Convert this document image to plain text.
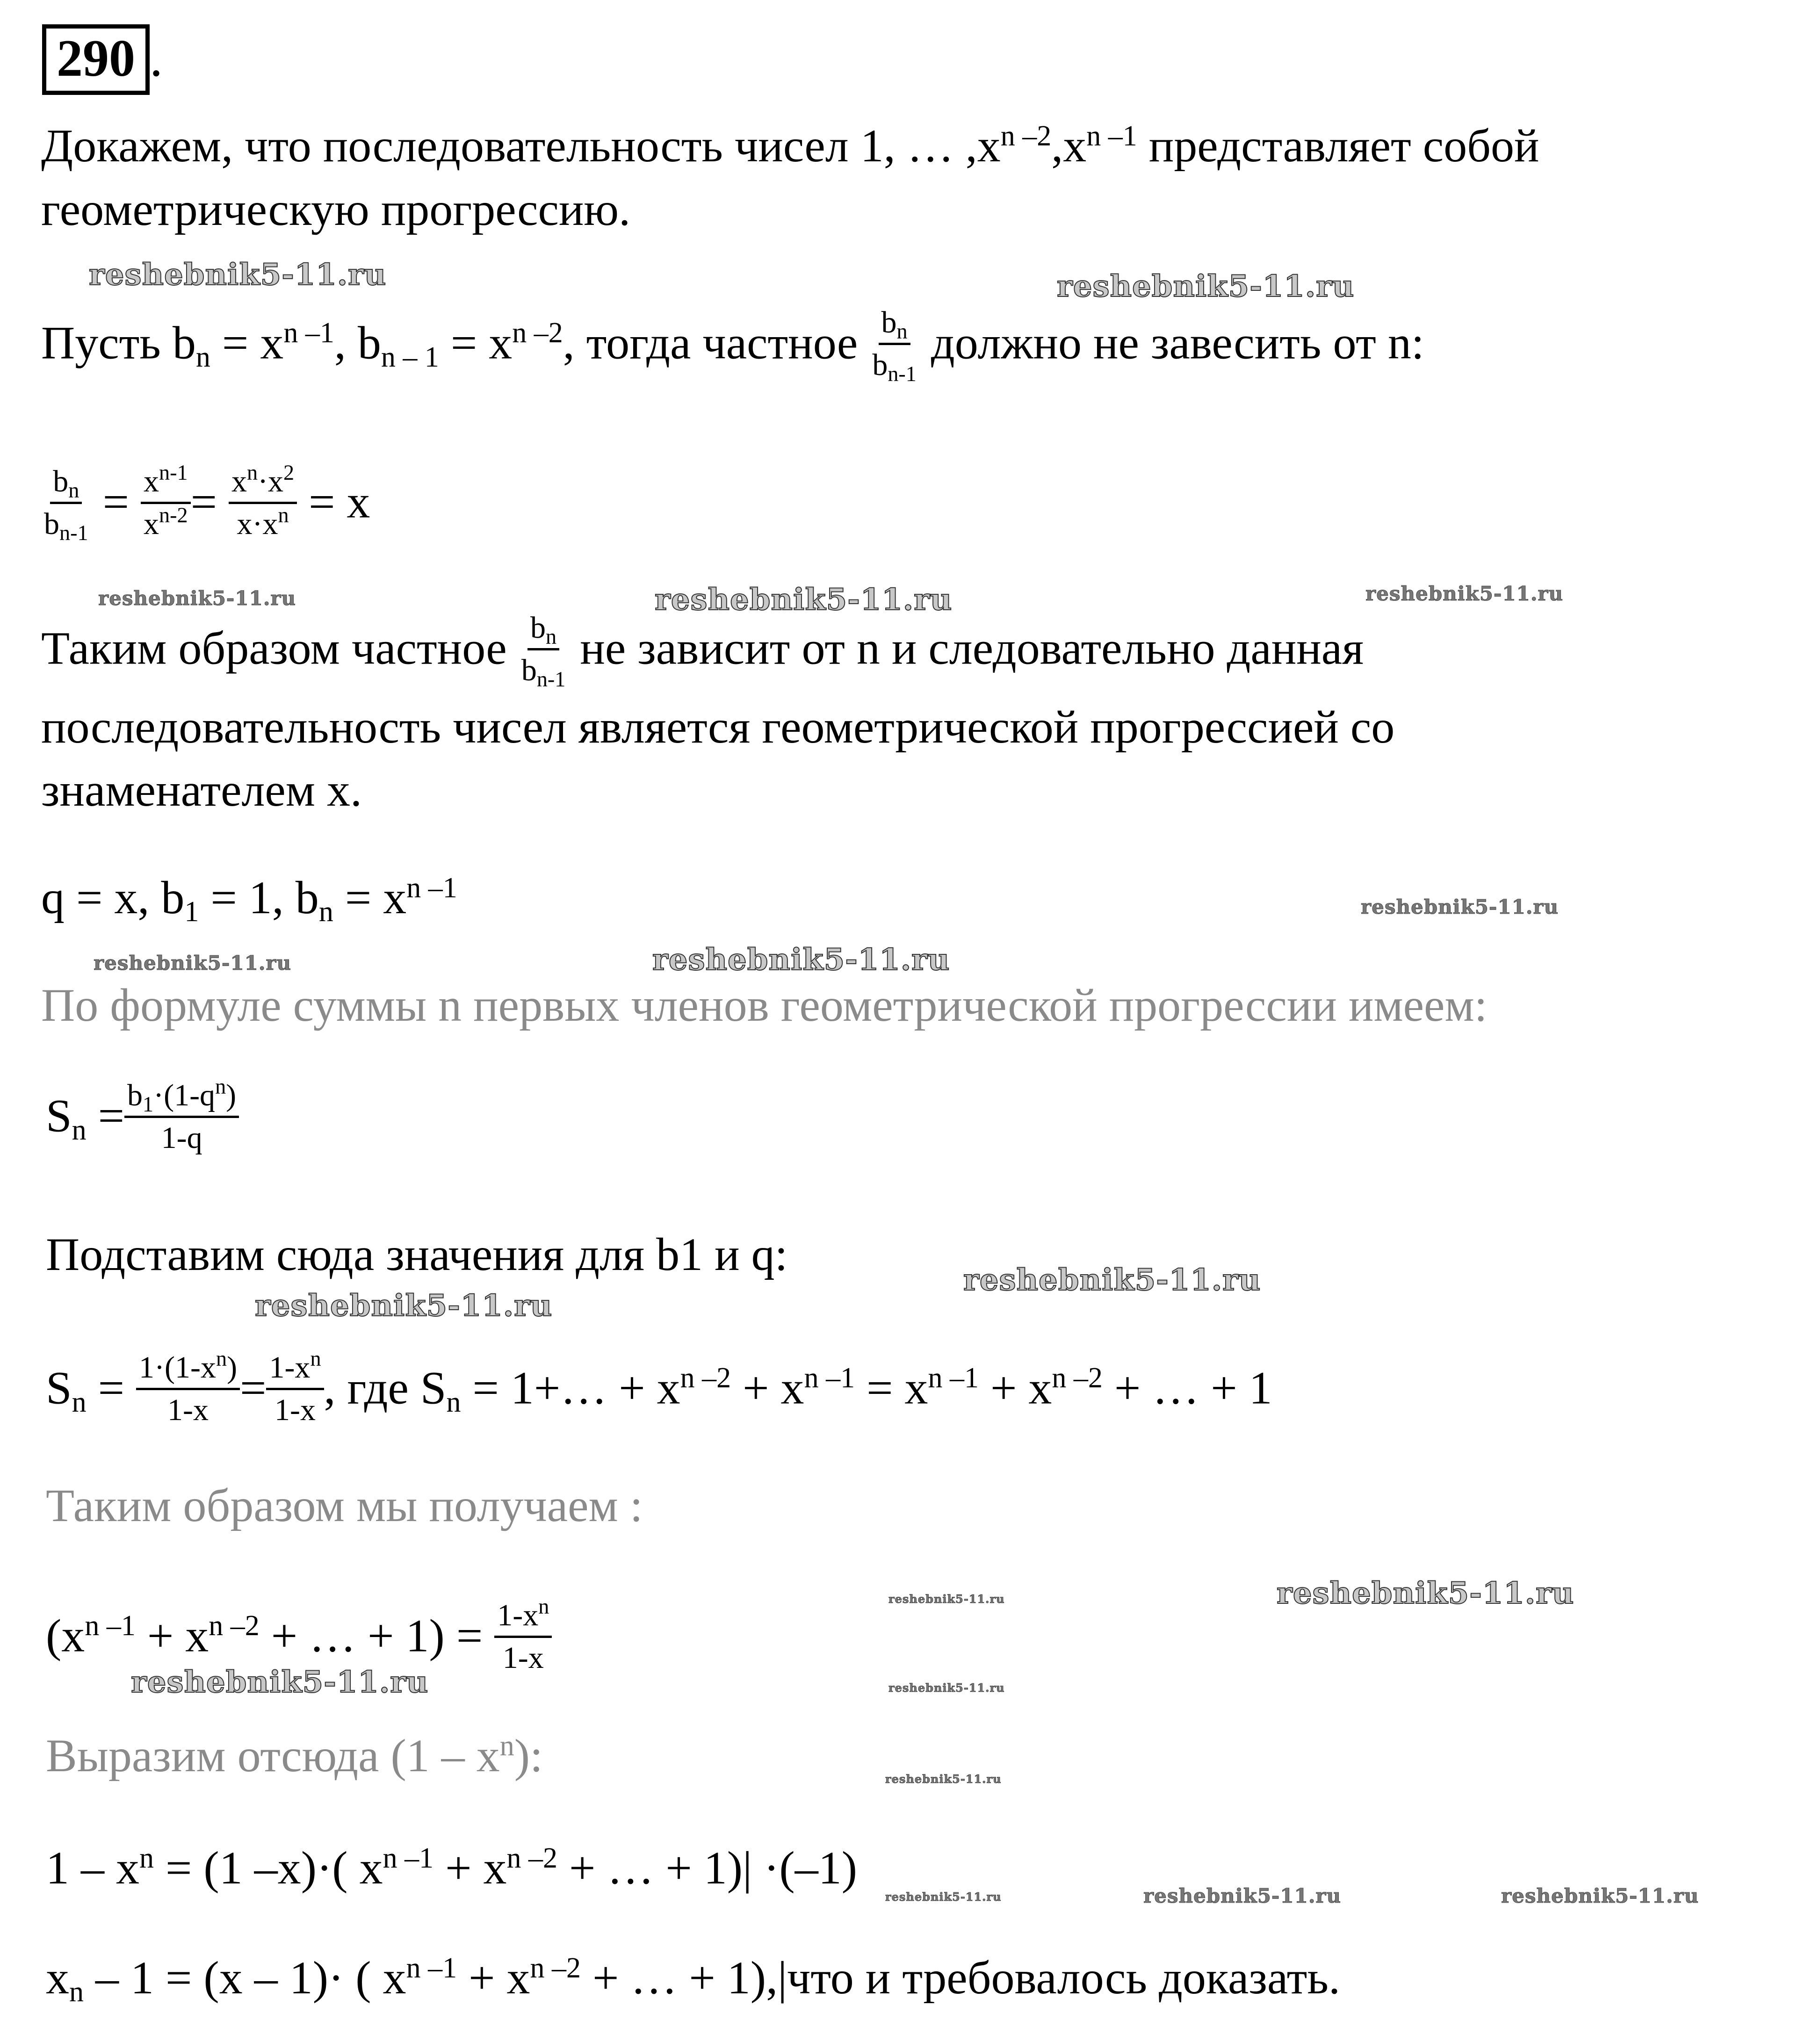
290 .
Докажем, что последовательность чисел 1, … $,x^{n -2},x^{n -1}$ представляет собой
геометрическую прогрессию.
Пусть $b_n = x^{n -1}$, $b_{n - 1} = x^{n -2}$, тогда частное $\frac{b_n}{b_{n-1}}$ должно не завесить от n:
$\frac{b_n}{b_{n-1}} = \frac{x^{n-1}}{x^{n-2}} = \frac{x^n\cdot x^2}{x\cdot x^n} = x$
Таким образом частное $\frac{b_n}{b_{n-1}}$ не зависит от n и следовательно данная
последовательность чисел является геометрической прогрессией со
знаменателем x.
q = x, $b_1 = 1$, $b_n = x^{n -1}$
По формуле суммы n первых членов геометрической прогрессии имеем:
$S_n = \frac{b_1\cdot(1-q^n)}{1-q}$
Подставим сюда значения для b1 и q:
$S_n = \frac{1\cdot(1-x^n)}{1-x} = \frac{1-x^n}{1-x}$ , где $S_n$ = 1+… + $x^{n -2} + x^{n -1} = x^{n -1} + x^{n -2}$ + … + 1
Таким образом мы получаем :
($x^{n -1} + x^{n -2}$ + … + $1) = \frac{1-x^n}{1-x}$
Выразим отсюда $(1 - x^n)$:
$1 - x^n = (1$ –x)·( $x^{n -1} + x^{n -2}$ + … + 1)| ·(–1)
$x_n - 1 = (x - 1)\cdot$ ( $x^{n -1} + x^{n -2}$ + … + 1),|что и требовалось доказать.
reshebnik5-11.ru	reshebnik5-11.ru
reshebnik5-11.ru	reshebnik5-11.ru	reshebnik5-11.ru
reshebnik5-11.ru
reshebnik5-11.ru	reshebnik5-11.ru
reshebnik5-11.ru
reshebnik5-11.ru
reshebnik5-11.ru	reshebnik5-11.ru
reshebnik5-11.ru	reshebnik5-11.ru
reshebnik5-11.ru
reshebnik5-11.ru	reshebnik5-11.ru	reshebnik5-11.ru
